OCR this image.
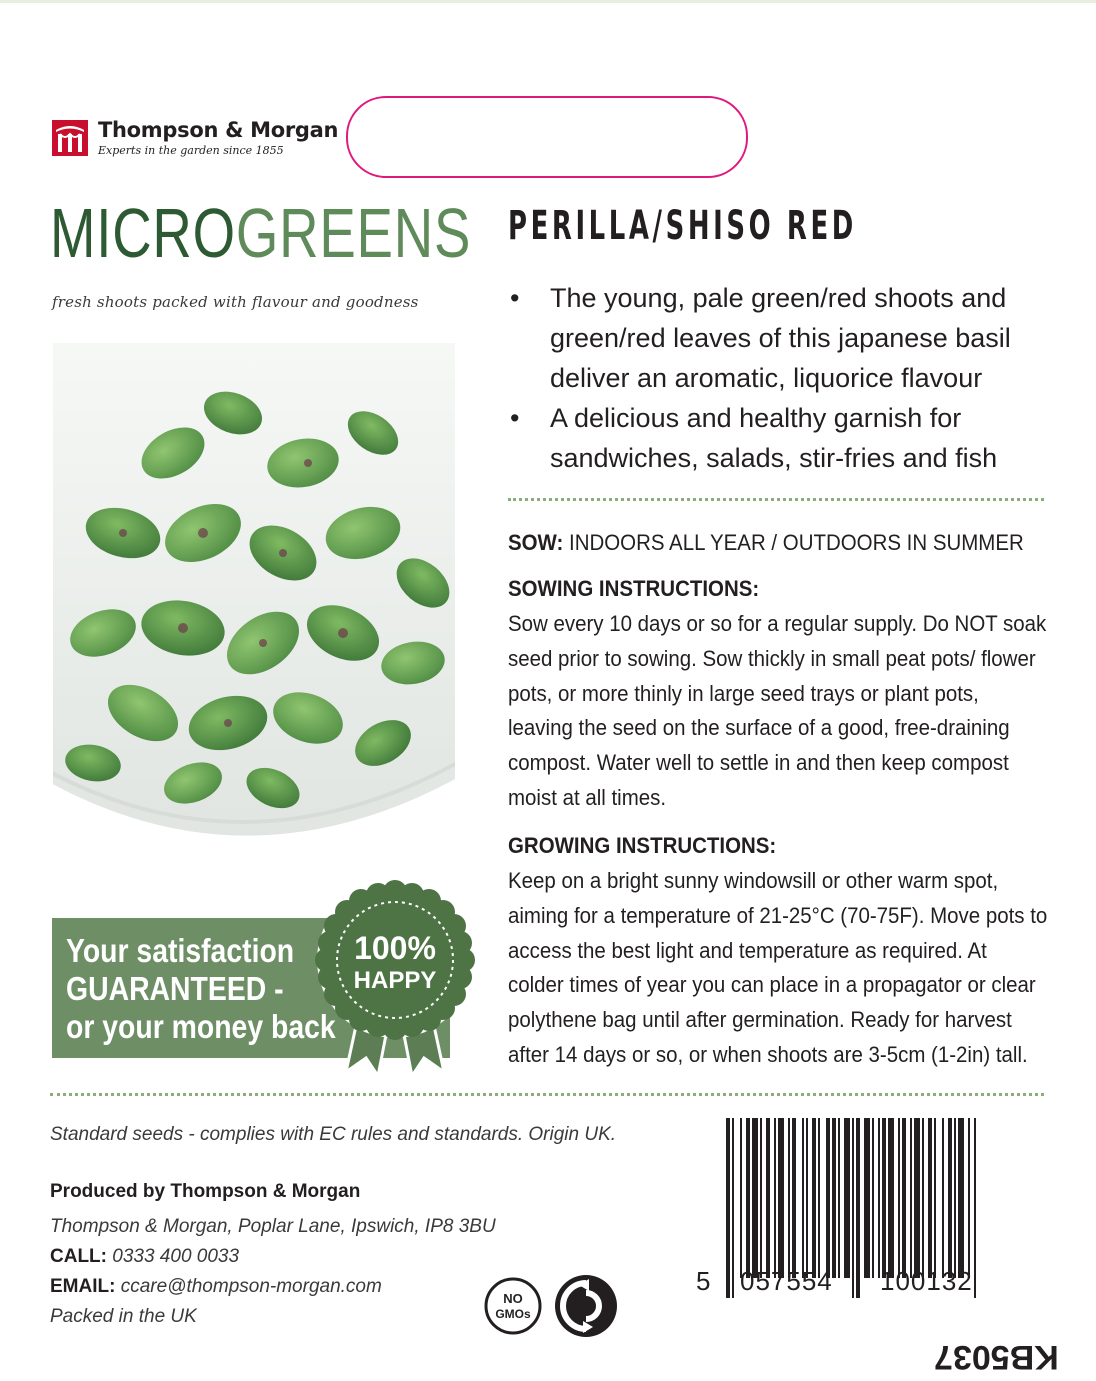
Thompson & Morgan
Experts in the garden since 1855
MICROGREENS
fresh shoots packed with flavour and goodness
Your satisfaction
GUARANTEED -
or your money back
100%
HAPPY
PERILLA/SHISO RED
• The young, pale green/red shoots and green/red leaves of this japanese basil deliver an aromatic, liquorice flavour
• A delicious and healthy garnish for sandwiches, salads, stir-fries and fish
SOW: INDOORS ALL YEAR / OUTDOORS IN SUMMER
SOWING INSTRUCTIONS:
Sow every 10 days or so for a regular supply. Do NOT soak seed prior to sowing. Sow thickly in small peat pots/ flower pots, or more thinly in large seed trays or plant pots, leaving the seed on the surface of a good, free-draining compost. Water well to settle in and then keep compost moist at all times.
GROWING INSTRUCTIONS:
Keep on a bright sunny windowsill or other warm spot, aiming for a temperature of 21-25°C (70-75F). Move pots to access the best light and temperature as required. At colder times of year you can place in a propagator or clear polythene bag until after germination. Ready for harvest after 14 days or so, or when shoots are 3-5cm (1-2in) tall.
Standard seeds - complies with EC rules and standards. Origin UK.
Produced by Thompson & Morgan
Thompson & Morgan, Poplar Lane, Ipswich, IP8 3BU
CALL: 0333 400 0033
EMAIL: ccare@thompson-morgan.com
Packed in the UK
NO
GMOs
5 057554 100132
KB5037
